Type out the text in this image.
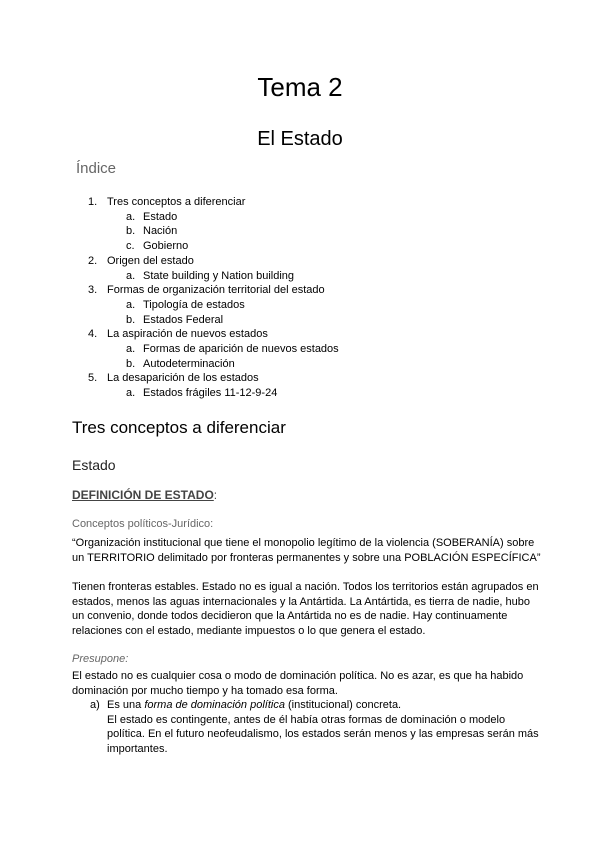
Tema 2
El Estado
Índice
1. Tres conceptos a diferenciar
a. Estado
b. Nación
c. Gobierno
2. Origen del estado
a. State building y Nation building
3. Formas de organización territorial del estado
a. Tipología de estados
b. Estados Federal
4. La aspiración de nuevos estados
a. Formas de aparición de nuevos estados
b. Autodeterminación
5. La desaparición de los estados
a. Estados frágiles 11-12-9-24
Tres conceptos a diferenciar
Estado
DEFINICIÓN DE ESTADO:
Conceptos políticos-Jurídico:
“Organización institucional que tiene el monopolio legítimo de la violencia (SOBERANÍA) sobre un TERRITORIO delimitado por fronteras permanentes y sobre una POBLACIÓN ESPECÍFICA”
Tienen fronteras estables. Estado no es igual a nación. Todos los territorios están agrupados en estados, menos las aguas internacionales y la Antártida. La Antártida, es tierra de nadie, hubo un convenio, donde todos decidieron que la Antártida no es de nadie. Hay continuamente relaciones con el estado, mediante impuestos o lo que genera el estado.
Presupone:
El estado no es cualquier cosa o modo de dominación política. No es azar, es que ha habido dominación por mucho tiempo y ha tomado esa forma.
a) Es una forma de dominación política (institucional) concreta.
El estado es contingente, antes de él había otras formas de dominación o modelo política. En el futuro neofeudalismo, los estados serán menos y las empresas serán más importantes.
